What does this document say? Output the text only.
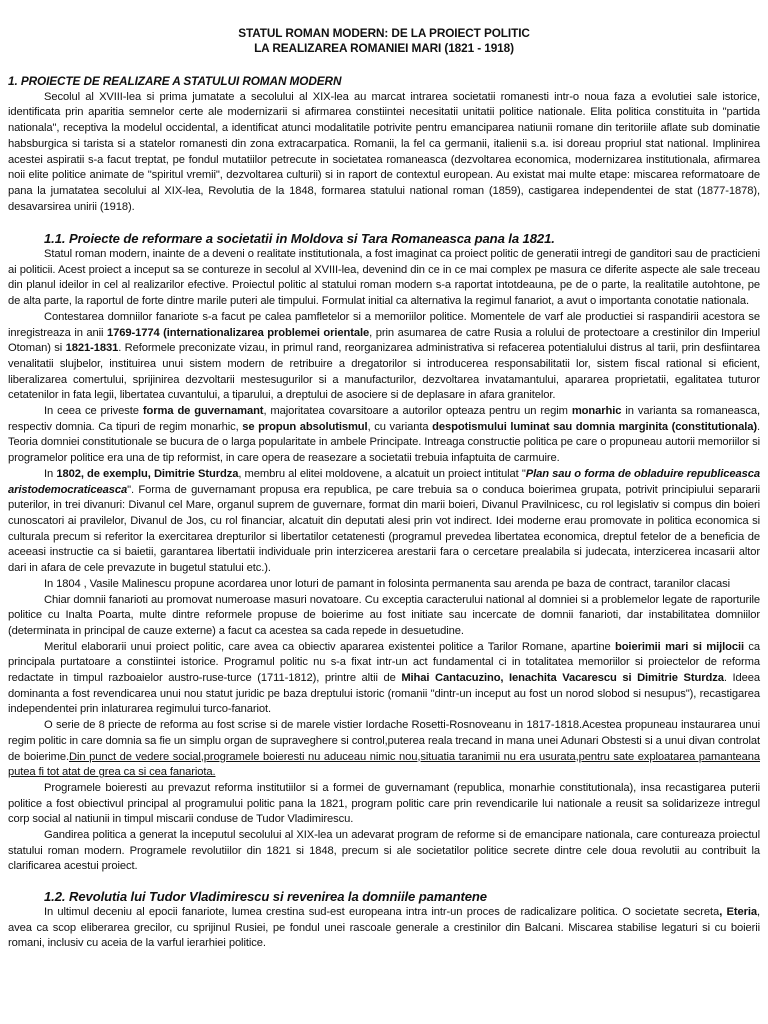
STATUL ROMAN MODERN: DE LA PROIECT POLITIC
LA REALIZAREA ROMANIEI MARI (1821 - 1918)
1. PROIECTE DE REALIZARE A STATULUI ROMAN MODERN

Secolul al XVIII-lea si prima jumatate a secolului al XIX-lea au marcat intrarea societatii romanesti intr-o noua faza a evolutiei sale istorice, identificata prin aparitia semnelor certe ale modernizarii si afirmarea constiintei necesitatii unitatii politice nationale. Elita politica constituita in "partida nationala", receptiva la modelul occidental, a identificat atunci modalitatile potrivite pentru emanciparea natiunii romane din teritoriile aflate sub dominatie habsburgica si tarista si a statelor romanesti din zona extracarpatica. Romanii, la fel ca germanii, italienii s.a. isi doreau propriul stat national. Implinirea acestei aspiratii s-a facut treptat, pe fondul mutatiilor petrecute in societatea romaneasca (dezvoltarea economica, modernizarea institutionala, afirmarea noii elite politice animate de "spiritul vremii", dezvoltarea culturii) si in raport de contextul european. Au existat mai multe etape: miscarea reformatoare de pana la jumatatea secolului al XIX-lea, Revolutia de la 1848, formarea statului national roman (1859), castigarea independentei de stat (1877-1878), desavarsirea unirii (1918).

1.1. Proiecte de reformare a societatii in Moldova si Tara Romaneasca pana la 1821.

Statul roman modern, inainte de a deveni o realitate institutionala, a fost imaginat ca proiect politic de generatii intregi de ganditori sau de practicieni ai politicii. Acest proiect a inceput sa se contureze in secolul al XVIII-lea, devenind din ce in ce mai complex pe masura ce diferite aspecte ale sale treceau din planul ideilor in cel al realizarilor efective. Proiectul politic al statului roman modern s-a raportat intotdeauna, pe de o parte, la realitatile autohtone, pe de alta parte, la raportul de forte dintre marile puteri ale timpului. Formulat initial ca alternativa la regimul fanariot, a avut o importanta conotatie nationala.

Contestarea domniilor fanariote s-a facut pe calea pamfletelor si a memoriilor politice. Momentele de varf ale productiei si raspandirii acestora se inregistreaza in anii 1769-1774 (internationalizarea problemei orientale, prin asumarea de catre Rusia a rolului de protectoare a crestinilor din Imperiul Otoman) si 1821-1831. Reformele preconizate vizau, in primul rand, reorganizarea administrativa si refacerea potentialului distrus al tarii, prin desfiintarea venalitatii slujbelor, instituirea unui sistem modern de retribuire a dregatorilor si introducerea responsabilitatii lor, sistem fiscal rational si eficient, liberalizarea comertului, sprijinirea dezvoltarii mestesugurilor si a manufacturilor, dezvoltarea invatamantului, apararea proprietatii, egalitatea tuturor cetatenilor in fata legii, libertatea cuvantului, a tiparului, a dreptului de asociere si de deplasare in afara granitelor.

In ceea ce priveste forma de guvernamant, majoritatea covarsitoare a autorilor opteaza pentru un regim monarhic in varianta sa romaneasca, respectiv domnia. Ca tipuri de regim monarhic, se propun absolutismul, cu varianta despotismului luminat sau domnia marginita (constitutionala). Teoria domniei constitutionale se bucura de o larga popularitate in ambele Principate. Intreaga constructie politica pe care o propuneau autorii memoriilor si programelor politice era una de tip reformist, in care opera de reasezare a societatii trebuia infaptuita de carmuire.

In 1802, de exemplu, Dimitrie Sturdza, membru al elitei moldovene, a alcatuit un proiect intitulat "Plan sau o forma de obladuire republiceasca aristodemocraticeasca". Forma de guvernamant propusa era republica, pe care trebuia sa o conduca boierimea grupata, potrivit principiului separarii puterilor, in trei divanuri: Divanul cel Mare, organul suprem de guvernare, format din marii boieri, Divanul Pravilnicesc, cu rol legislativ si compus din boieri cunoscatori ai pravilelor, Divanul de Jos, cu rol financiar, alcatuit din deputati alesi prin vot indirect. Idei moderne erau promovate in politica economica si culturala precum si referitor la exercitarea drepturilor si libertatilor cetatenesti (programul prevedea libertatea economica, dreptul fetelor de a beneficia de aceeasi instructie ca si baietii, garantarea libertatii individuale prin interzicerea arestarii fara o cercetare prealabila si judecata, interzicerea incasarii altor dari in afara de cele prevazute in bugetul statului etc.).

In 1804 , Vasile Malinescu propune acordarea unor loturi de pamant in folosinta permanenta sau arenda pe baza de contract, taranilor clacasi

Chiar domnii fanarioti au promovat numeroase masuri novatoare. Cu exceptia caracterului national al domniei si a problemelor legate de raporturile politice cu Inalta Poarta, multe dintre reformele propuse de boierime au fost initiate sau incercate de domnii fanarioti, dar instabilitatea domniilor (determinata in principal de cauze externe) a facut ca acestea sa cada repede in desuetudine.

Meritul elaborarii unui proiect politic, care avea ca obiectiv apararea existentei politice a Tarilor Romane, apartine boierimii mari si mijlocii ca principala purtatoare a constiintei istorice. Programul politic nu s-a fixat intr-un act fundamental ci in totalitatea memoriilor si proiectelor de reforma redactate in timpul razboaielor austro-ruse-turce (1711-1812), printre altii de Mihai Cantacuzino, Ienachita Vacarescu si Dimitrie Sturdza. Ideea dominanta a fost revendicarea unui nou statut juridic pe baza dreptului istoric (romanii "dintr-un inceput au fost un norod slobod si nesupus"), recastigarea independentei prin inlaturarea regimului turco-fanariot.

O serie de 8 priecte de reforma au fost scrise si de marele vistier Iordache Rosetti-Rosnoveanu in 1817-1818.Acestea propuneau instaurarea unui regim politic in care domnia sa fie un simplu organ de supraveghere si control,puterea reala trecand in mana unei Adunari Obstesti si a unui divan controlat de boierime.Din punct de vedere social,programele boieresti nu aduceau nimic nou,situatia taranimii nu era usurata,pentru sate exploatarea pamanteana putea fi tot atat de grea ca si cea fanariota.

Programele boieresti au prevazut reforma institutiilor si a formei de guvernamant (republica, monarhie constitutionala), insa recastigarea puterii politice a fost obiectivul principal al programului politic pana la 1821, program politic care prin revendicarile lui nationale a reusit sa solidarizeze intregul corp social al natiunii in timpul miscarii conduse de Tudor Vladimirescu.

Gandirea politica a generat la inceputul secolului al XIX-lea un adevarat program de reforme si de emancipare nationala, care contureaza proiectul statului roman modern. Programele revolutiilor din 1821 si 1848, precum si ale societatilor politice secrete dintre cele doua revolutii au contribuit la clarificarea acestui proiect.

1.2. Revolutia lui Tudor Vladimirescu si revenirea la domniile pamantene

In ultimul deceniu al epocii fanariote, lumea crestina sud-est europeana intra intr-un proces de radicalizare politica. O societate secreta, Eteria, avea ca scop eliberarea grecilor, cu sprijinul Rusiei, pe fondul unei rascoale generale a crestinilor din Balcani. Miscarea stabilise legaturi si cu boierii romani, inclusiv cu aceia de la varful ierarhiei politice.
